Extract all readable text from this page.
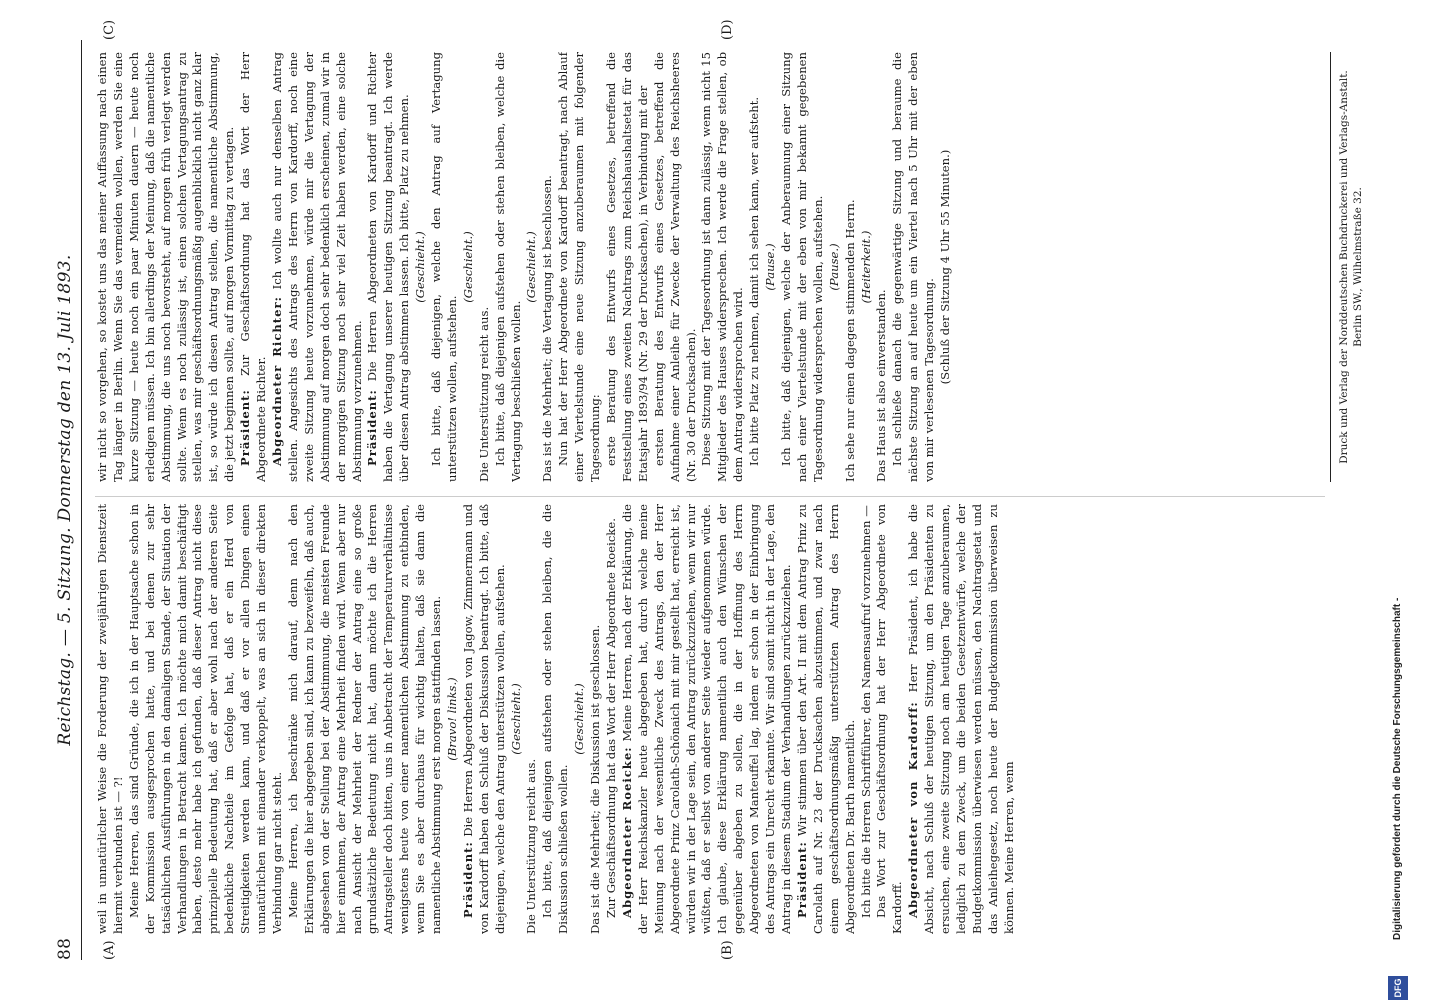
88
Reichstag. — 5. Sitzung. Donnerstag den 13. Juli 1893.
(A)	(B)
(C)	(D)

weil in unnatürlicher Weise die Forderung der zweijährigen Dienstzeit hiermit verbunden ist — ?! Meine Herren, das sind Gründe, die ich in der Hauptsache schon in der Kommission ausgesprochen hatte, und bei denen zur sehr tatsächlichen Ausführungen in den damaligen Stande, der Situation der Verhandlungen in Betracht kamen. Ich möchte mich damit beschäftigt haben, desto mehr habe ich gefunden, daß dieser Antrag nicht diese prinzipielle Bedeutung hat, daß er aber wohl nach der anderen Seite bedenkliche Nachteile im Gefolge hat, daß er ein Herd von Streitigkeiten werden kann, und daß er vor allen Dingen einen unnatürlichen mit einander verkoppelt, was an sich in dieser direkten Verbindung gar nicht steht. Meine Herren, ich beschränke mich darauf, denn nach den Erklärungen die hier abgegeben sind, ich kann zu bezweifeln, daß auch, abgesehen von der Stellung bei der Abstimmung, die meisten Freunde hier einnehmen, der Antrag eine Mehrheit finden wird. Wenn aber nur nach Ansicht der Mehrheit der Redner der Antrag eine so große grundsätzliche Bedeutung nicht hat, dann möchte ich die Herren Antragsteller doch bitten, uns in Anbetracht der Temperaturverhältnisse wenigstens heute von einer namentlichen Abstimmung zu entbinden, wenn Sie es aber durchaus für wichtig halten, daß sie dann die namentliche Abstimmung erst morgen stattfinden lassen. (Bravo! links.)

Präsident: Die Herren Abgeordneten von Jagow, Zimmermann und von Kardorff haben den Schluß der Diskussion beantragt. Ich bitte, daß diejenigen, welche den Antrag unterstützen wollen, aufstehen. (Geschieht.)

Die Unterstützung reicht aus. Ich bitte, daß diejenigen aufstehen oder stehen bleiben, die die Diskussion schließen wollen.

(Geschieht.) Das ist die Mehrheit; die Diskussion ist geschlossen. Zur Geschäftsordnung hat das Wort der Herr Abgeordnete Roeicke. Abgeordneter Roeicke: Meine Herren, nach der Erklärung, die der Herr Reichskanzler heute abgegeben hat, durch welche meine Meinung nach der wesentliche Zweck des Antrags, den der Herr Abgeordnete Prinz Carolath-Schönaich mit mir gestellt hat, erreicht ist, würden wir in der Lage sein, den Antrag zurückzuziehen, wenn wir nur wüßten, daß er selbst von anderer Seite wieder aufgenommen würde. Ich glaube, diese Erklärung namentlich auch den Wünschen der gegenüber abgeben zu sollen, die in der Hoffnung des Herrn Abgeordneten von Manteuffel lag, indem er schon in der Einbringung des Antrags ein Unrecht erkannte. Wir sind somit nicht in der Lage, den Antrag in diesem Stadium der Verhandlungen zurückzuziehen. Präsident: Wir stimmen über den Art. II mit dem Antrag Prinz zu Carolath auf Nr. 23 der Drucksachen abzustimmen, und zwar nach einem geschäftsordnungsmäßig unterstützten Antrag des Herrn Abgeordneten Dr. Barth namentlich. Ich bitte die Herren Schriftführer, den Namensaufruf vorzunehmen — Das Wort zur Geschäftsordnung hat der Herr Abgeordnete von Kardorff. Abgeordneter von Kardorff: Herr Präsident, ich habe die Absicht, nach Schluß der heutigen Sitzung, um den Präsidenten zu ersuchen, eine zweite Sitzung noch am heutigen Tage anzuberaumen, lediglich zu dem Zweck, um die beiden Gesetzentwürfe, welche der Budgetkommission überwiesen werden müssen, den Nachtragsetat und das Anleihegesetz, noch heute der Budgetkommission überweisen zu können. Meine Herren, wenn

wir nicht so vorgehen, so kostet uns das meiner Auffassung nach einen Tag länger in Berlin. Wenn Sie das vermeiden wollen, werden Sie eine kurze Sitzung — heute noch ein paar Minuten dauern — heute noch erledigen müssen. Ich bin allerdings der Meinung, daß die namentliche Abstimmung, die uns noch bevorsteht, auf morgen früh verlegt werden sollte. Wenn es noch zulässig ist, einen solchen Vertagungsantrag zu stellen, was mir geschäftsordnungsmäßig augenblicklich nicht ganz klar ist, so würde ich diesen Antrag stellen, die namentliche Abstimmung, die jetzt beginnen sollte, auf morgen Vormittag zu vertagen. Präsident: Zur Geschäftsordnung hat das Wort der Herr Abgeordnete Richter. Abgeordneter Richter: Ich wollte auch nur denselben Antrag stellen. Angesichts des Antrags des Herrn von Kardorff, noch eine zweite Sitzung heute vorzunehmen, würde mir die Vertagung der Abstimmung auf morgen doch sehr bedenklich erscheinen, zumal wir in der morgigen Sitzung noch sehr viel Zeit haben werden, eine solche Abstimmung vorzunehmen. Präsident: Die Herren Abgeordneten von Kardorff und Richter haben die Vertagung unserer heutigen Sitzung beantragt. Ich werde über diesen Antrag abstimmen lassen. Ich bitte, Platz zu nehmen. (Geschieht.) Ich bitte, daß diejenigen, welche den Antrag auf Vertagung unterstützen wollen, aufstehen.

(Geschieht.)

Die Unterstützung reicht aus. Ich bitte, daß diejenigen aufstehen oder stehen bleiben, welche die Vertagung beschließen wollen.

(Geschieht.) Das ist die Mehrheit; die Vertagung ist beschlossen. Nun hat der Herr Abgeordnete von Kardorff beantragt, nach Ablauf einer Viertelstunde eine neue Sitzung anzuberaumen mit folgender Tagesordnung: erste Beratung des Entwurfs eines Gesetzes, betreffend die Feststellung eines zweiten Nachtrags zum Reichshaushaltsetat für das Etatsjahr 1893/94 (Nr. 29 der Drucksachen), in Verbindung mit der ersten Beratung des Entwurfs eines Gesetzes, betreffend die Aufnahme einer Anleihe für Zwecke der Verwaltung des Reichsheeres (Nr. 30 der Drucksachen). Diese Sitzung mit der Tagesordnung ist dann zulässig, wenn nicht 15 Mitglieder des Hauses widersprechen. Ich werde die Frage stellen, ob dem Antrag widersprochen wird. Ich bitte Platz zu nehmen, damit ich sehen kann, wer aufsteht. (Pause.) Ich bitte, daß diejenigen, welche der Anberaumung einer Sitzung nach einer Viertelstunde mit der eben von mir bekannt gegebenen Tagesordnung widersprechen wollen, aufstehen. (Pause.) Ich sehe nur einen dagegen stimmenden Herrn. (Heiterkeit.)

Das Haus ist also einverstanden. Ich schließe danach die gegenwärtige Sitzung und beraume die nächste Sitzung an auf heute um ein Viertel nach 5 Uhr mit der eben von mir verlesenen Tagesordnung. (Schluß der Sitzung 4 Uhr 55 Minuten.)	Druck und Verlag der Norddeutschen Buchdruckerei und Verlags-Anstalt. Berlin SW., Wilhelmstraße 32.
DFG
Digitalisierung gefördert durch die Deutsche Forschungsgemeinschaft -
